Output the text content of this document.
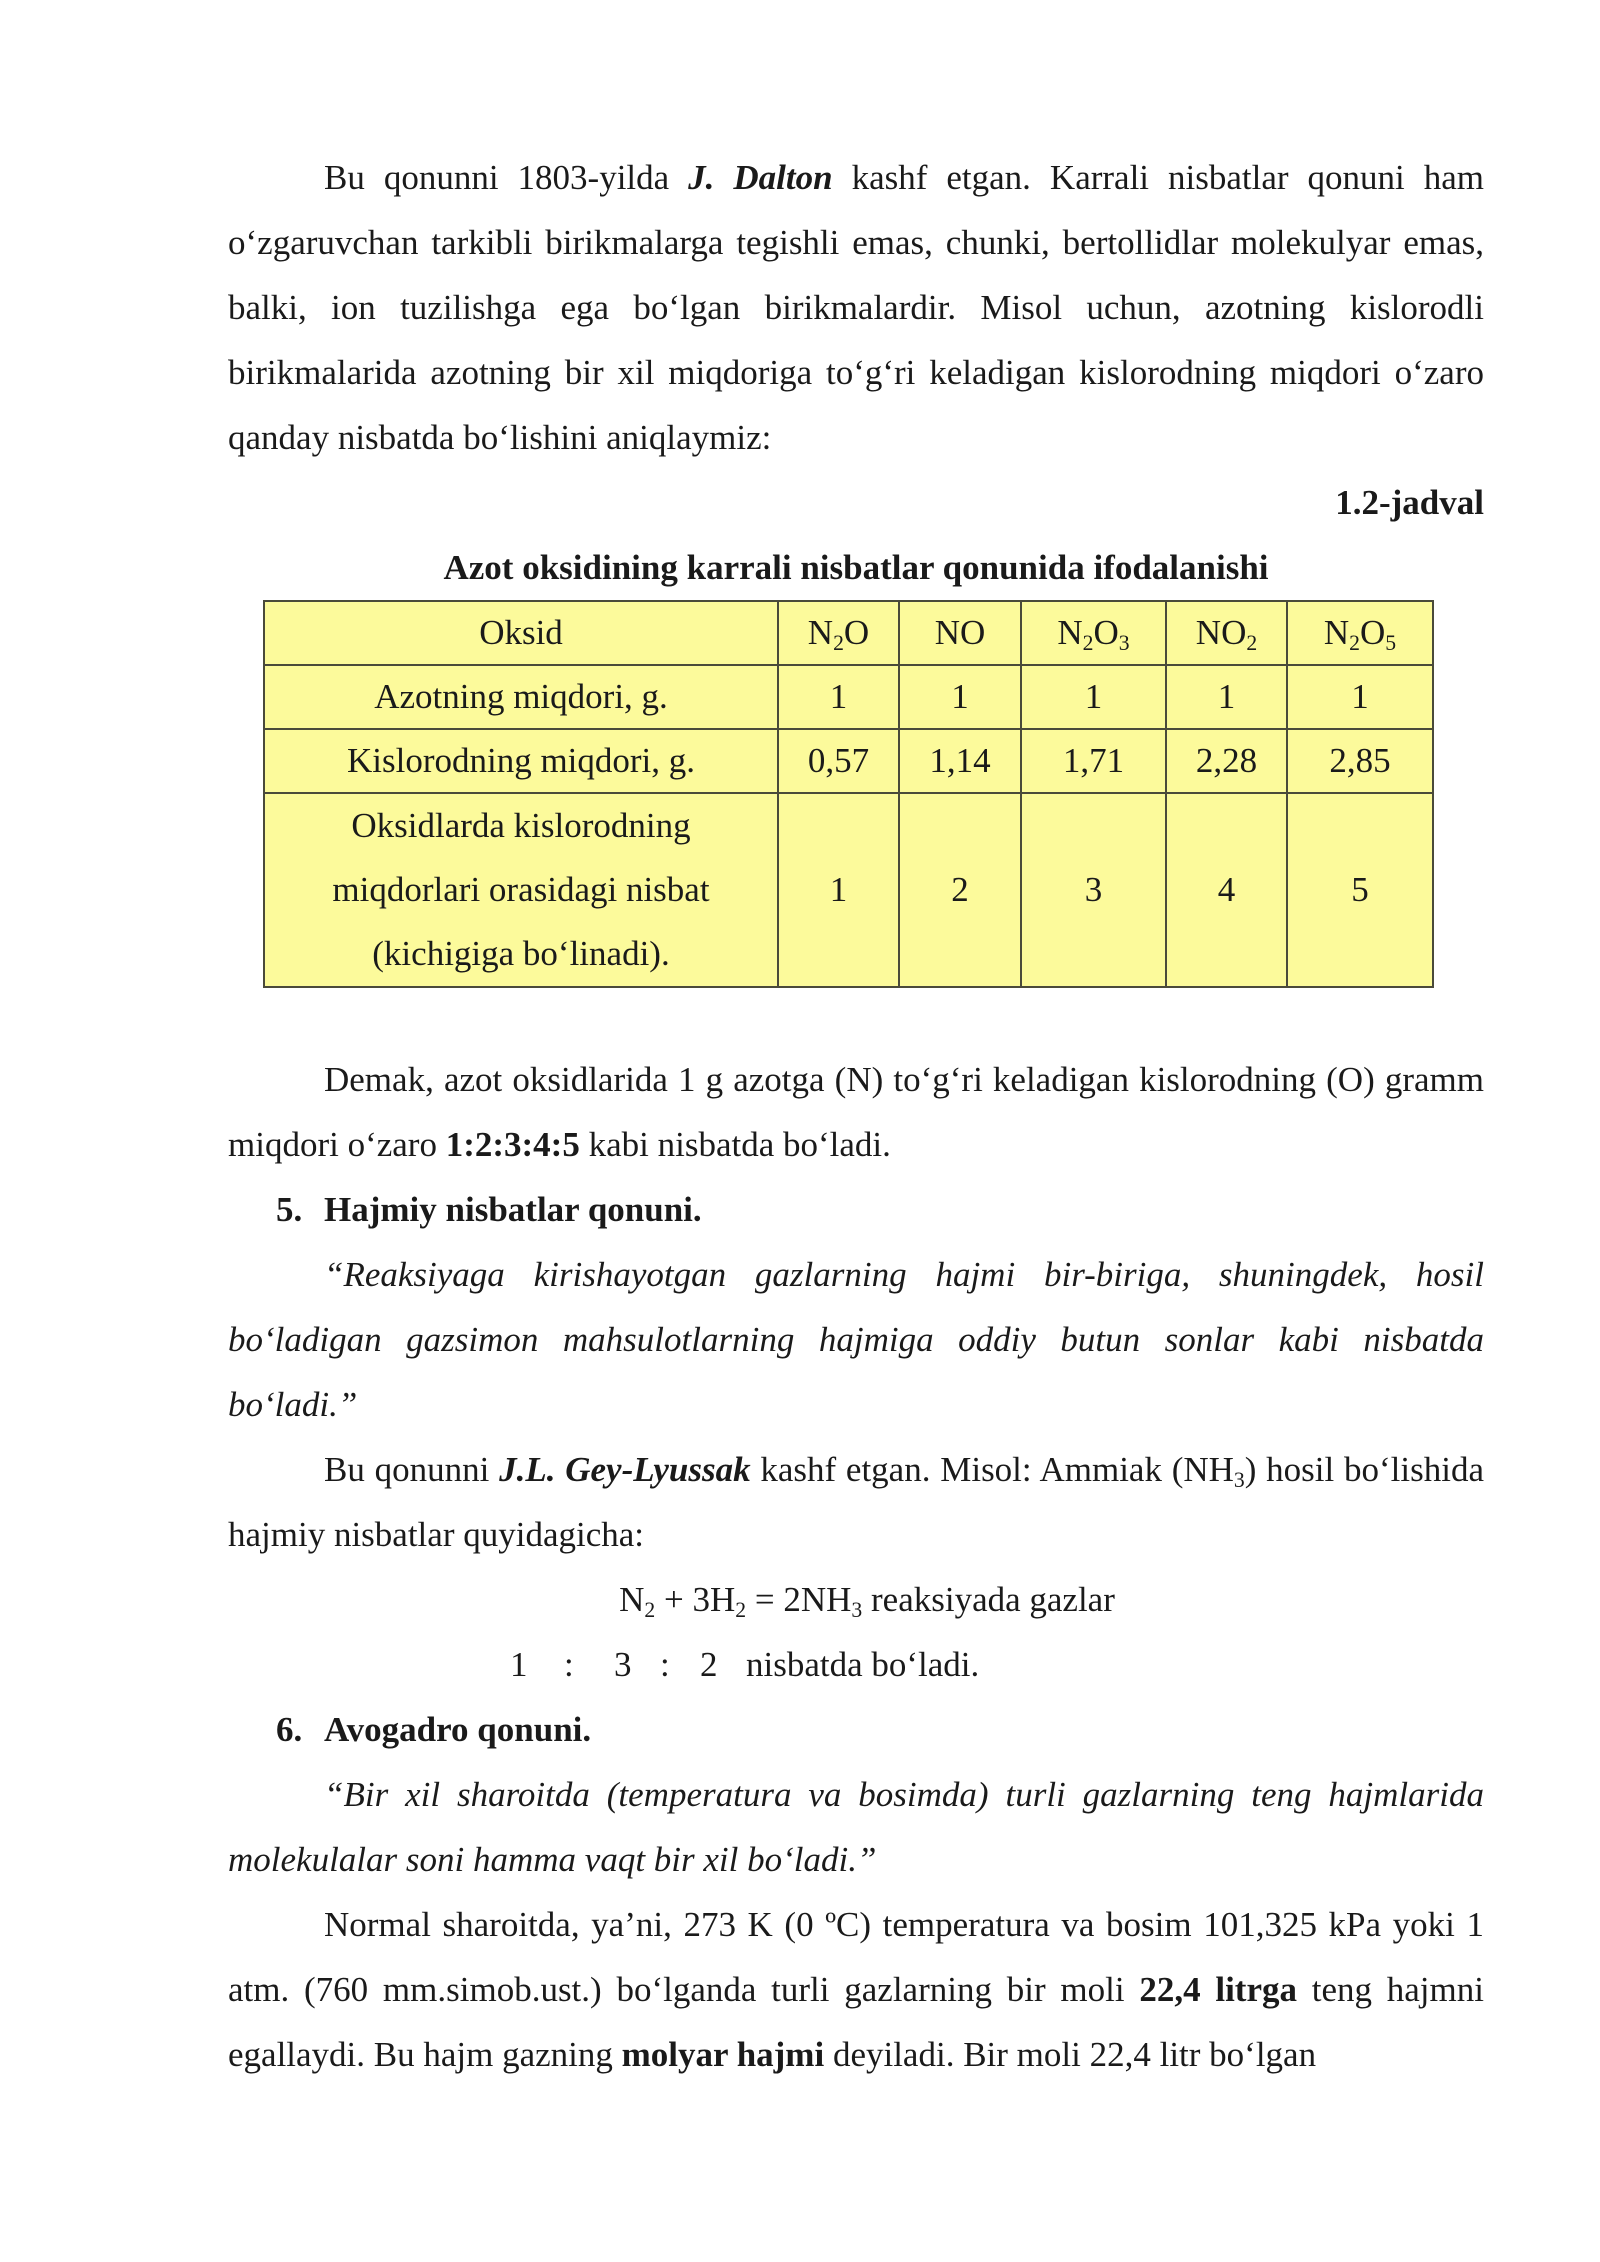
Bu qonunni 1803-yilda J. Dalton kashf etgan. Karrali nisbatlar qonuni ham oʻzgaruvchan tarkibli birikmalarga tegishli emas, chunki, bertollidlar molekulyar emas, balki, ion tuzilishga ega boʻlgan birikmalardir. Misol uchun, azotning kislorodli birikmalarida azotning bir xil miqdoriga toʻgʻri keladigan kislorodning miqdori oʻzaro qanday nisbatda boʻlishini aniqlaymiz:

1.2-jadval

Azot oksidining karrali nisbatlar qonunida ifodalanishi

Oksid	$N_2O$	NO	$N_2O_3$	$NO_2$	$N_2O_5$
Azotning miqdori, g.	1	1	1	1	1
Kislorodning miqdori, g.	0,57	1,14	1,71	2,28	2,85

Oksidlarda kislorodning
miqdorlari orasidagi nisbat
(kichigiga boʻlinadi).	1	2	3	4	5

Demak, azot oksidlarida 1 g azotga (N) toʻgʻri keladigan kislorodning (O) gramm miqdori oʻzaro 1:2:3:4:5 kabi nisbatda boʻladi.

5. Hajmiy nisbatlar qonuni.

“Reaksiyaga kirishayotgan gazlarning hajmi bir-biriga, shuningdek, hosil boʻladigan gazsimon mahsulotlarning hajmiga oddiy butun sonlar kabi nisbatda boʻladi.”

Bu qonunni J.L. Gey-Lyussak kashf etgan. Misol: Ammiak $(NH_3)$ hosil boʻlishida hajmiy nisbatlar quyidagicha:

$N_2 + 3H_2 = 2NH_3$ reaksiyada gazlar

1 : 3 : 2 nisbatda boʻladi.

6. Avogadro qonuni.

“Bir xil sharoitda (temperatura va bosimda) turli gazlarning teng hajmlarida molekulalar soni hamma vaqt bir xil boʻladi.”

Normal sharoitda, ya’ni, 273 K (0 ºC) temperatura va bosim 101,325 kPa yoki 1 atm. (760 mm.simob.ust.) boʻlganda turli gazlarning bir moli 22,4 litrga teng hajmni egallaydi. Bu hajm gazning molyar hajmi deyiladi. Bir moli 22,4 litr boʻlgan
